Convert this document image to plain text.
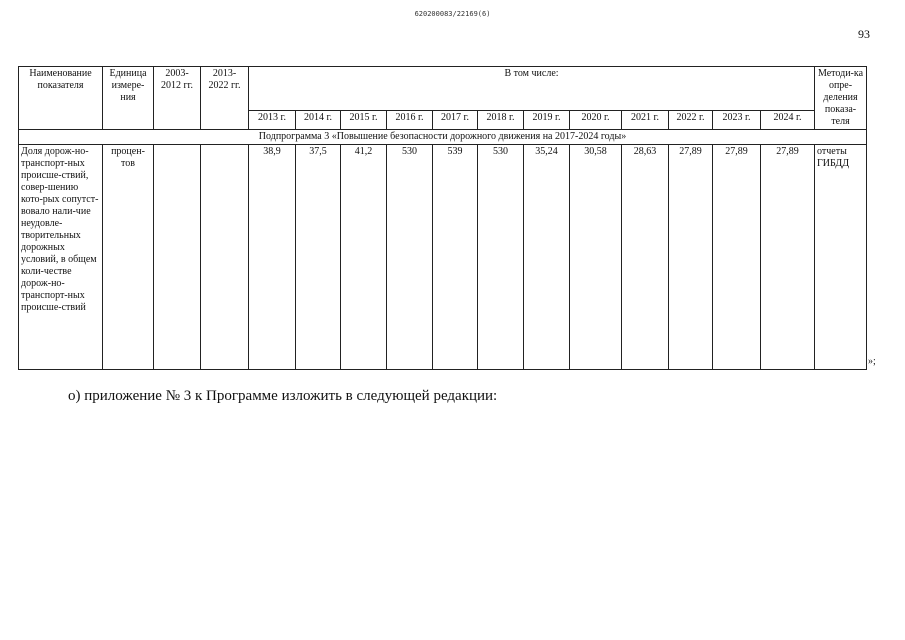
620200083/22169(6)
93
Наименование показателя	Единица измере-ния	2003-2012 гг.	2013-2022 гг.	В том числе:												Методи-ка опре-деления показа-теля
				2013 г.	2014 г.	2015 г.	2016 г.	2017 г.	2018 г.	2019 г.	2020 г.	2021 г.	2022 г.	2023 г.	2024 г.	
Подпрограмма 3 «Повышение безопасности дорожного движения на 2017-2024 годы»																
Доля дорож-но-транспорт-ных происше-ствий, совер-шению кото-рых сопутст-вовало нали-чие неудовле-творительных дорожных условий, в общем коли-честве дорож-но-транспорт-ных происше-ствий	процен-тов			38,9	37,5	41,2	530	539	530	35,24	30,58	28,63	27,89	27,89	27,89	отчеты ГИБДД
»;
о) приложение № 3 к Программе изложить в следующей редакции:
